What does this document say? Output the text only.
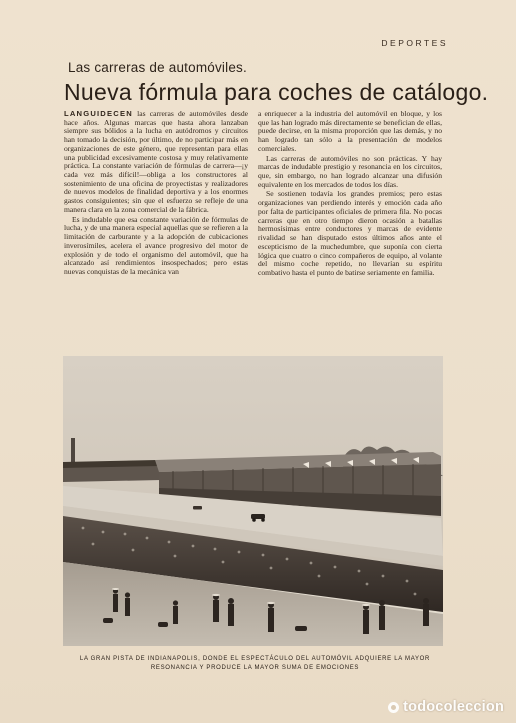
DEPORTES
Las carreras de automóviles.
Nueva fórmula para coches de catálogo.

LANGUIDECEN las carreras de automóviles desde hace años. Algunas marcas que hasta ahora lanzaban siempre sus bólidos a la lucha en autódromos y circuitos han tomado la decisión, por último, de no participar más en organizaciones de este género, que representan para ellas una publicidad excesivamente costosa y muy relativamente práctica. La constante variación de fórmulas de carrera—¡y cada vez más difícil!—obliga a los constructores al sostenimiento de una oficina de proyectistas y realizadores de nuevos modelos de finalidad deportiva y a los enormes gastos consiguientes; sin que el esfuerzo se refleje de una manera clara en la zona comercial de la fábrica.

Es indudable que esa constante variación de fórmulas de lucha, y de una manera especial aquellas que se refieren a la limitación de carburante y a la adopción de cubicaciones inverosímiles, acelera el avance progresivo del motor de explosión y de todo el organismo del automóvil, que ha alcanzado así rendimientos insospechados; pero estas nuevas conquistas de la mecánica van

a enriquecer a la industria del automóvil en bloque, y los que las han logrado más directamente se benefician de ellas, puede decirse, en la misma proporción que las demás, y no han logrado tan sólo a la presentación de modelos comerciales.

Las carreras de automóviles no son prácticas. Y hay marcas de indudable prestigio y resonancia en los circuitos, que, sin embargo, no han logrado alcanzar una difusión equivalente en los mercados de todos los días.

Se sostienen todavía los grandes premios; pero estas organizaciones van perdiendo interés y emoción cada año por falta de participantes oficiales de primera fila. No pocas carreras que en otro tiempo dieron ocasión a batallas hermosísimas entre conductores y marcas de evidente rivalidad se han disputado estos últimos años ante el escepticismo de la muchedumbre, que suponía con cierta lógica que cuatro o cinco compañeros de equipo, al volante del mismo coche repetido, no llevarían su espíritu combativo hasta el punto de batirse seriamente en familia.

LA GRAN PISTA DE INDIANAPOLIS, DONDE EL ESPECTÁCULO DEL AUTOMÓVIL ADQUIERE LA MAYOR RESONANCIA Y PRODUCE LA MAYOR SUMA DE EMOCIONES
todocoleccion
